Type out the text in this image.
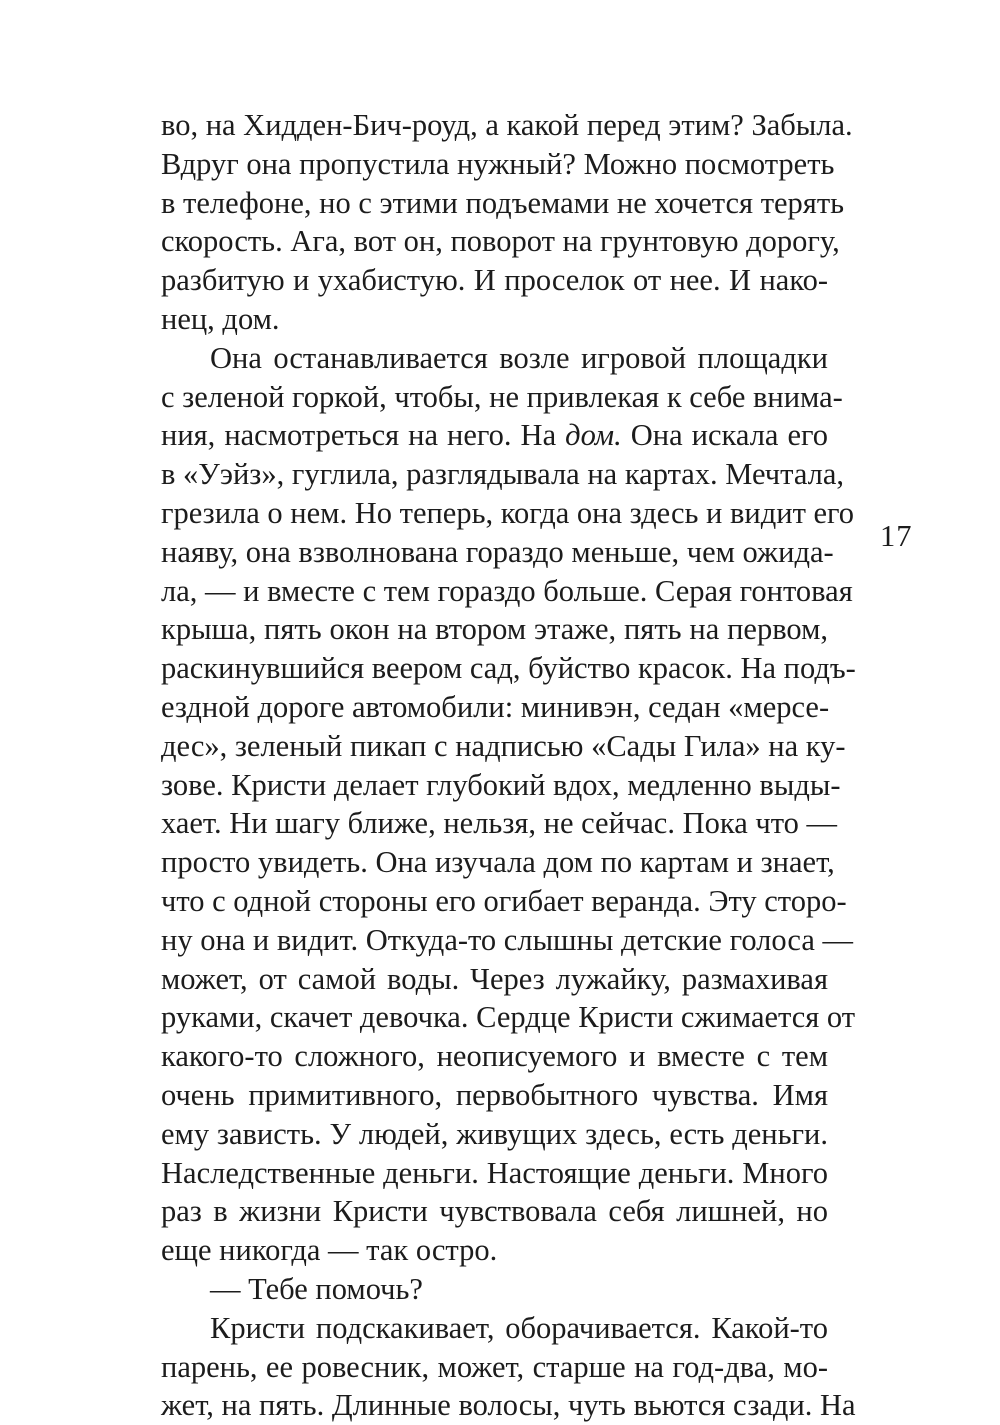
во, на Хидден-Бич-роуд, а какой перед этим? Забыла.
Вдруг она пропустила нужный? Можно посмотреть
в телефоне, но с этими подъемами не хочется терять
скорость. Ага, вот он, поворот на грунтовую дорогу,
разбитую и ухабистую. И проселок от нее. И нако-
нец, дом.
Она останавливается возле игровой площадки
с зеленой горкой, чтобы, не привлекая к себе внима-
ния, насмотреться на него. На дом. Она искала его
в «Уэйз», гуглила, разглядывала на картах. Мечтала,
грезила о нем. Но теперь, когда она здесь и видит его
наяву, она взволнована гораздо меньше, чем ожида-
ла, — и вместе с тем гораздо больше. Серая гонтовая
крыша, пять окон на втором этаже, пять на первом,
раскинувшийся веером сад, буйство красок. На подъ-
ездной дороге автомобили: минивэн, седан «мерсе-
дес», зеленый пикап с надписью «Сады Гила» на ку-
зове. Кристи делает глубокий вдох, медленно выды-
хает. Ни шагу ближе, нельзя, не сейчас. Пока что —
просто увидеть. Она изучала дом по картам и знает,
что с одной стороны его огибает веранда. Эту сторо-
ну она и видит. Откуда-то слышны детские голоса —
может, от самой воды. Через лужайку, размахивая
руками, скачет девочка. Сердце Кристи сжимается от
какого-то сложного, неописуемого и вместе с тем
очень примитивного, первобытного чувства. Имя
ему зависть. У людей, живущих здесь, есть деньги.
Наследственные деньги. Настоящие деньги. Много
раз в жизни Кристи чувствовала себя лишней, но
еще никогда — так остро.
— Тебе помочь?
Кристи подскакивает, оборачивается. Какой-то
парень, ее ровесник, может, старше на год-два, мо-
жет, на пять. Длинные волосы, чуть вьются сзади. На
17
